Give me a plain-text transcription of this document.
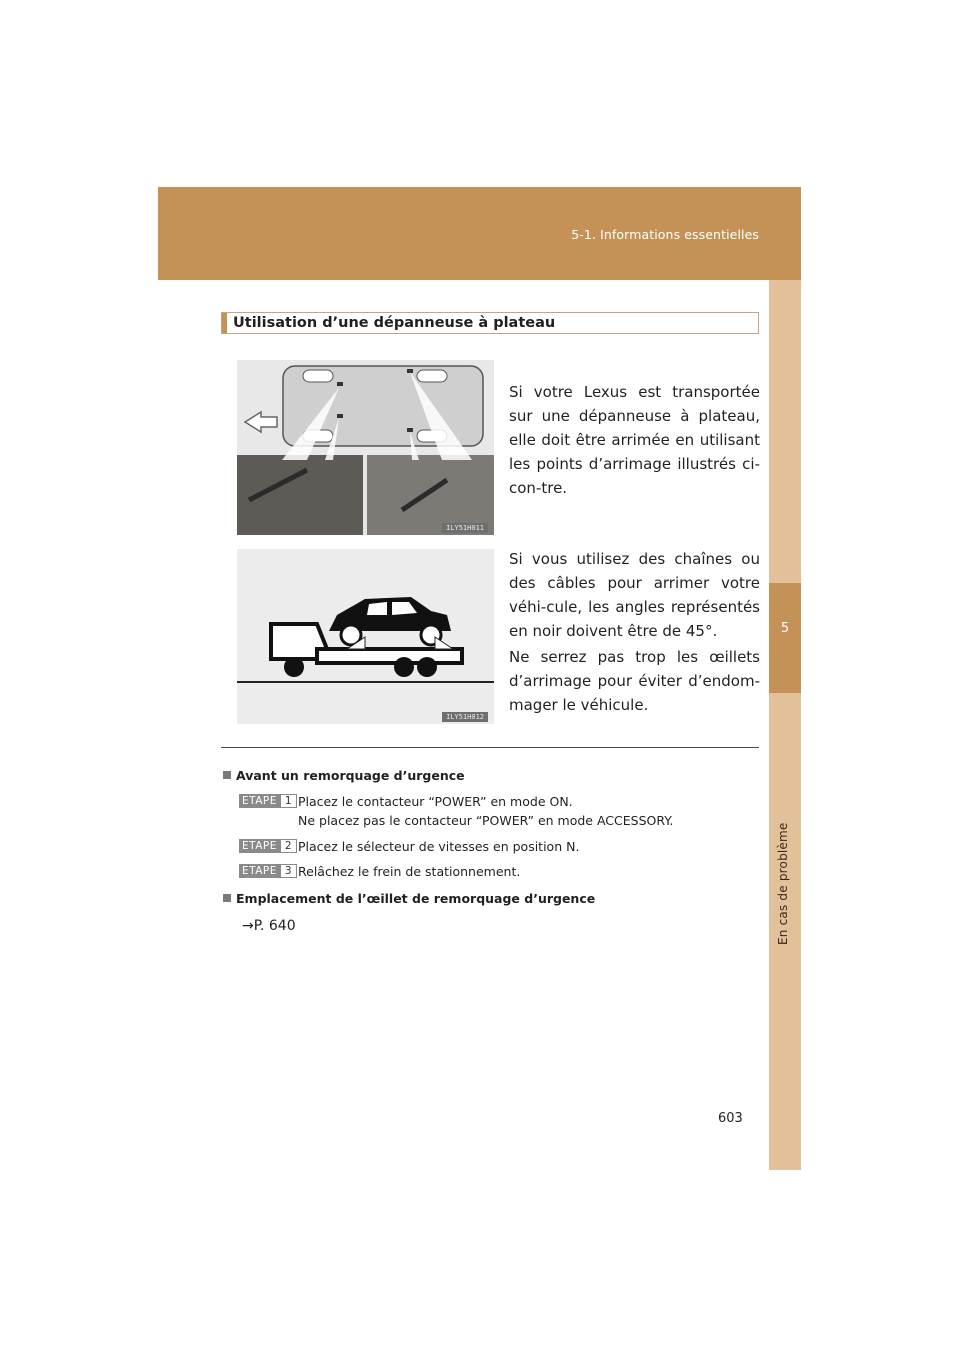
5-1. Informations essentielles
5
En cas de problème
Utilisation d’une dépanneuse à plateau
ILY51H011
Si votre Lexus est transportée sur une dépanneuse à plateau, elle doit être arrimée en utilisant les points d’arrimage illustrés ci-con-tre.
ILY51H012
Si vous utilisez des chaînes ou des câbles pour arrimer votre véhi-cule, les angles représentés en noir doivent être de 45°.
Ne serrez pas trop les œillets d’arrimage pour éviter d’endom-mager le véhicule.
Avant un remorquage d’urgence
ETAPE 1 Placez le contacteur “POWER” en mode ON.
Ne placez pas le contacteur “POWER” en mode ACCESSORY.
ETAPE 2 Placez le sélecteur de vitesses en position N.
ETAPE 3 Relâchez le frein de stationnement.
Emplacement de l’œillet de remorquage d’urgence
→P. 640
603
